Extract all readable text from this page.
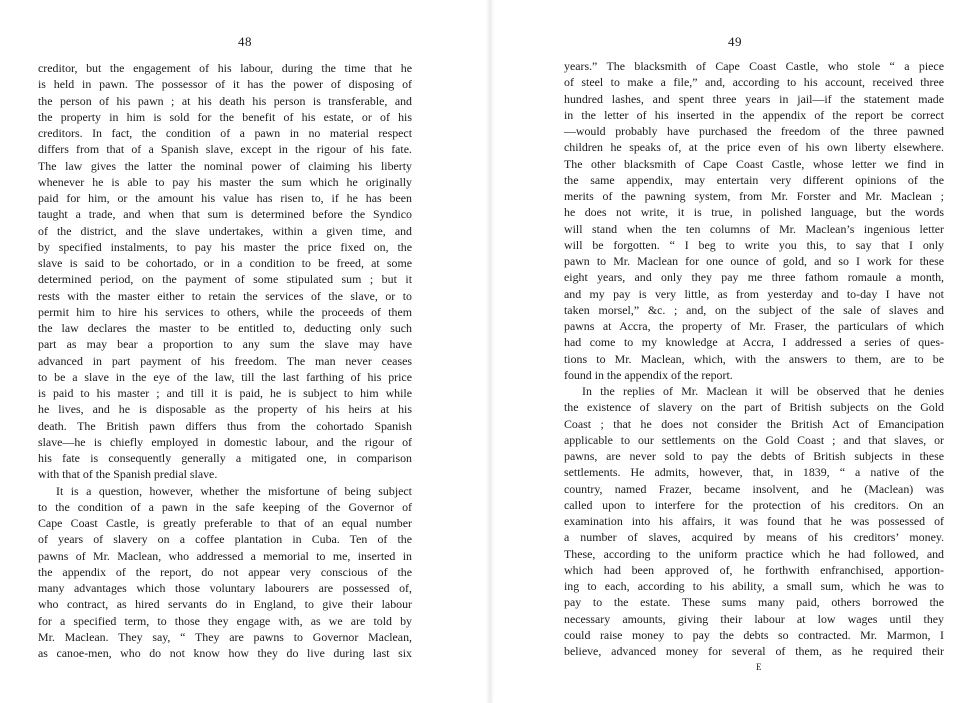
48
creditor, but the engagement of his labour, during the time that he
is held in pawn. The possessor of it has the power of disposing of
the person of his pawn ; at his death his person is transferable, and
the property in him is sold for the benefit of his estate, or of his
creditors. In fact, the condition of a pawn in no material respect
differs from that of a Spanish slave, except in the rigour of his fate.
The law gives the latter the nominal power of claiming his liberty
whenever he is able to pay his master the sum which he originally
paid for him, or the amount his value has risen to, if he has been
taught a trade, and when that sum is determined before the Syndico
of the district, and the slave undertakes, within a given time, and
by specified instalments, to pay his master the price fixed on, the
slave is said to be cohortado, or in a condition to be freed, at some
determined period, on the payment of some stipulated sum ; but it
rests with the master either to retain the services of the slave, or to
permit him to hire his services to others, while the proceeds of them
the law declares the master to be entitled to, deducting only such
part as may bear a proportion to any sum the slave may have
advanced in part payment of his freedom. The man never ceases
to be a slave in the eye of the law, till the last farthing of his price
is paid to his master ; and till it is paid, he is subject to him while
he lives, and he is disposable as the property of his heirs at his
death. The British pawn differs thus from the cohortado Spanish
slave—he is chiefly employed in domestic labour, and the rigour of
his fate is consequently generally a mitigated one, in comparison
with that of the Spanish predial slave.
It is a question, however, whether the misfortune of being subject
to the condition of a pawn in the safe keeping of the Governor of
Cape Coast Castle, is greatly preferable to that of an equal number
of years of slavery on a coffee plantation in Cuba. Ten of the
pawns of Mr. Maclean, who addressed a memorial to me, inserted in
the appendix of the report, do not appear very conscious of the
many advantages which those voluntary labourers are possessed of,
who contract, as hired servants do in England, to give their labour
for a specified term, to those they engage with, as we are told by
Mr. Maclean. They say, “ They are pawns to Governor Maclean,
as canoe-men, who do not know how they do live during last six
49
years.” The blacksmith of Cape Coast Castle, who stole “ a piece
of steel to make a file,” and, according to his account, received three
hundred lashes, and spent three years in jail—if the statement made
in the letter of his inserted in the appendix of the report be correct
—would probably have purchased the freedom of the three pawned
children he speaks of, at the price even of his own liberty elsewhere.
The other blacksmith of Cape Coast Castle, whose letter we find in
the same appendix, may entertain very different opinions of the
merits of the pawning system, from Mr. Forster and Mr. Maclean ;
he does not write, it is true, in polished language, but the words
will stand when the ten columns of Mr. Maclean’s ingenious letter
will be forgotten. “ I beg to write you this, to say that I only
pawn to Mr. Maclean for one ounce of gold, and so I work for these
eight years, and only they pay me three fathom romaule a month,
and my pay is very little, as from yesterday and to-day I have not
taken morsel,” &c. ; and, on the subject of the sale of slaves and
pawns at Accra, the property of Mr. Fraser, the particulars of which
had come to my knowledge at Accra, I addressed a series of ques-
tions to Mr. Maclean, which, with the answers to them, are to be
found in the appendix of the report.
In the replies of Mr. Maclean it will be observed that he denies
the existence of slavery on the part of British subjects on the Gold
Coast ; that he does not consider the British Act of Emancipation
applicable to our settlements on the Gold Coast ; and that slaves, or
pawns, are never sold to pay the debts of British subjects in these
settlements. He admits, however, that, in 1839, “ a native of the
country, named Frazer, became insolvent, and he (Maclean) was
called upon to interfere for the protection of his creditors. On an
examination into his affairs, it was found that he was possessed of
a number of slaves, acquired by means of his creditors’ money.
These, according to the uniform practice which he had followed, and
which had been approved of, he forthwith enfranchised, apportion-
ing to each, according to his ability, a small sum, which he was to
pay to the estate. These sums many paid, others borrowed the
necessary amounts, giving their labour at low wages until they
could raise money to pay the debts so contracted. Mr. Marmon, I
believe, advanced money for several of them, as he required their
E
